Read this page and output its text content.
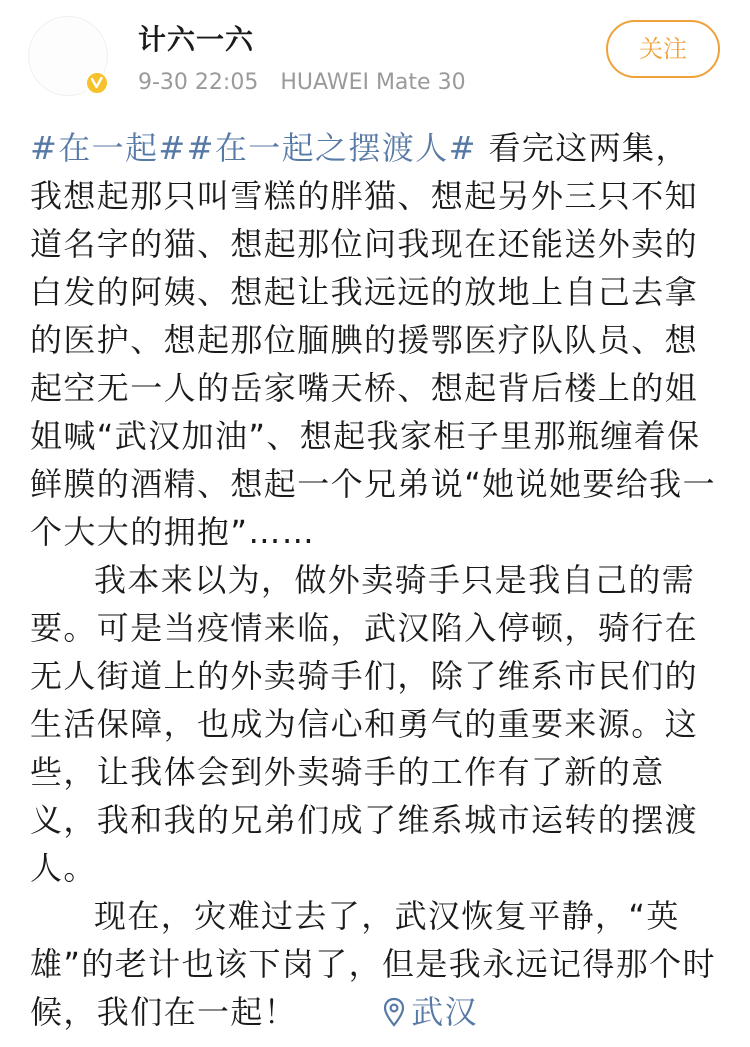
计六一六
9-30 22:05 HUAWEI Mate 30
关注

#在一起##在一起之摆渡人# 看完这两集，我想起那只叫雪糕的胖猫、想起另外三只不知道名字的猫、想起那位问我现在还能送外卖的白发的阿姨、想起让我远远的放地上自己去拿的医护、想起那位腼腆的援鄂医疗队队员、想起空无一人的岳家嘴天桥、想起背后楼上的姐姐喊“武汉加油”、想起我家柜子里那瓶缠着保鲜膜的酒精、想起一个兄弟说“她说她要给我一个大大的拥抱”……

我本来以为，做外卖骑手只是我自己的需要。可是当疫情来临，武汉陷入停顿，骑行在无人街道上的外卖骑手们，除了维系市民们的生活保障，也成为信心和勇气的重要来源。这些，让我体会到外卖骑手的工作有了新的意义，我和我的兄弟们成了维系城市运转的摆渡人。

现在，灾难过去了，武汉恢复平静，“英雄”的老计也该下岗了，但是我永远记得那个时候，我们在一起！	武汉
